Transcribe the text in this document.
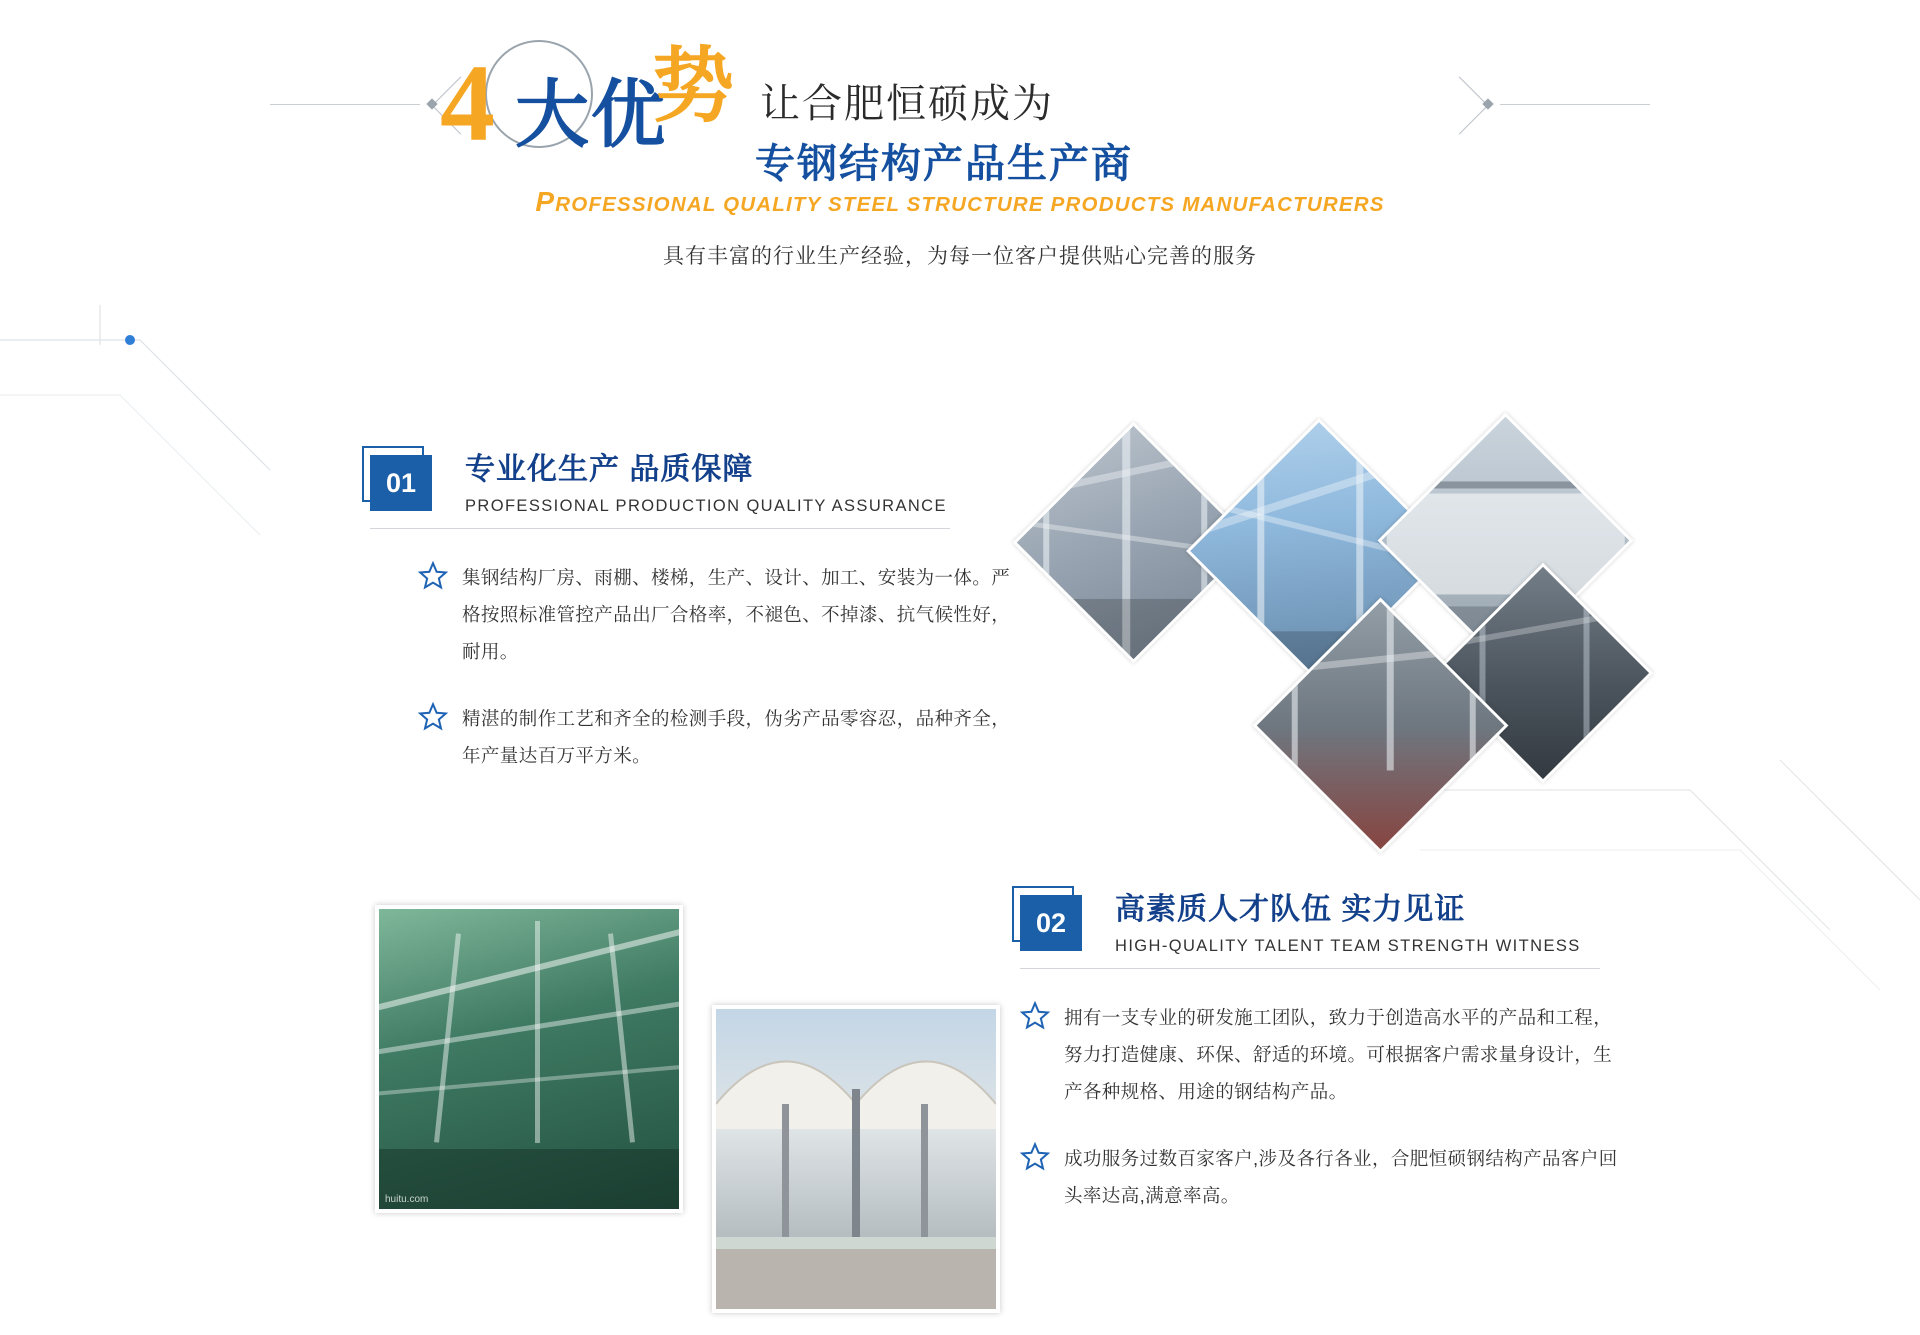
4 大优
势 让合肥恒硕成为
专钢结构产品生产商
PROFESSIONAL QUALITY STEEL STRUCTURE PRODUCTS MANUFACTURERS
具有丰富的行业生产经验，为每一位客户提供贴心完善的服务
01	专业化生产 品质保障
PROFESSIONAL PRODUCTION QUALITY ASSURANCE
集钢结构厂房、雨棚、楼梯，生产、设计、加工、安装为一体。严格按照标准管控产品出厂合格率，不褪色、不掉漆、抗气候性好，耐用。
精湛的制作工艺和齐全的检测手段，伪劣产品零容忍，品种齐全，年产量达百万平方米。
huitu.com
02	高素质人才队伍 实力见证
HIGH-QUALITY TALENT TEAM STRENGTH WITNESS
拥有一支专业的研发施工团队，致力于创造高水平的产品和工程，努力打造健康、环保、舒适的环境。可根据客户需求量身设计，生产各种规格、用途的钢结构产品。
成功服务过数百家客户,涉及各行各业，合肥恒硕钢结构产品客户回头率达高,满意率高。
